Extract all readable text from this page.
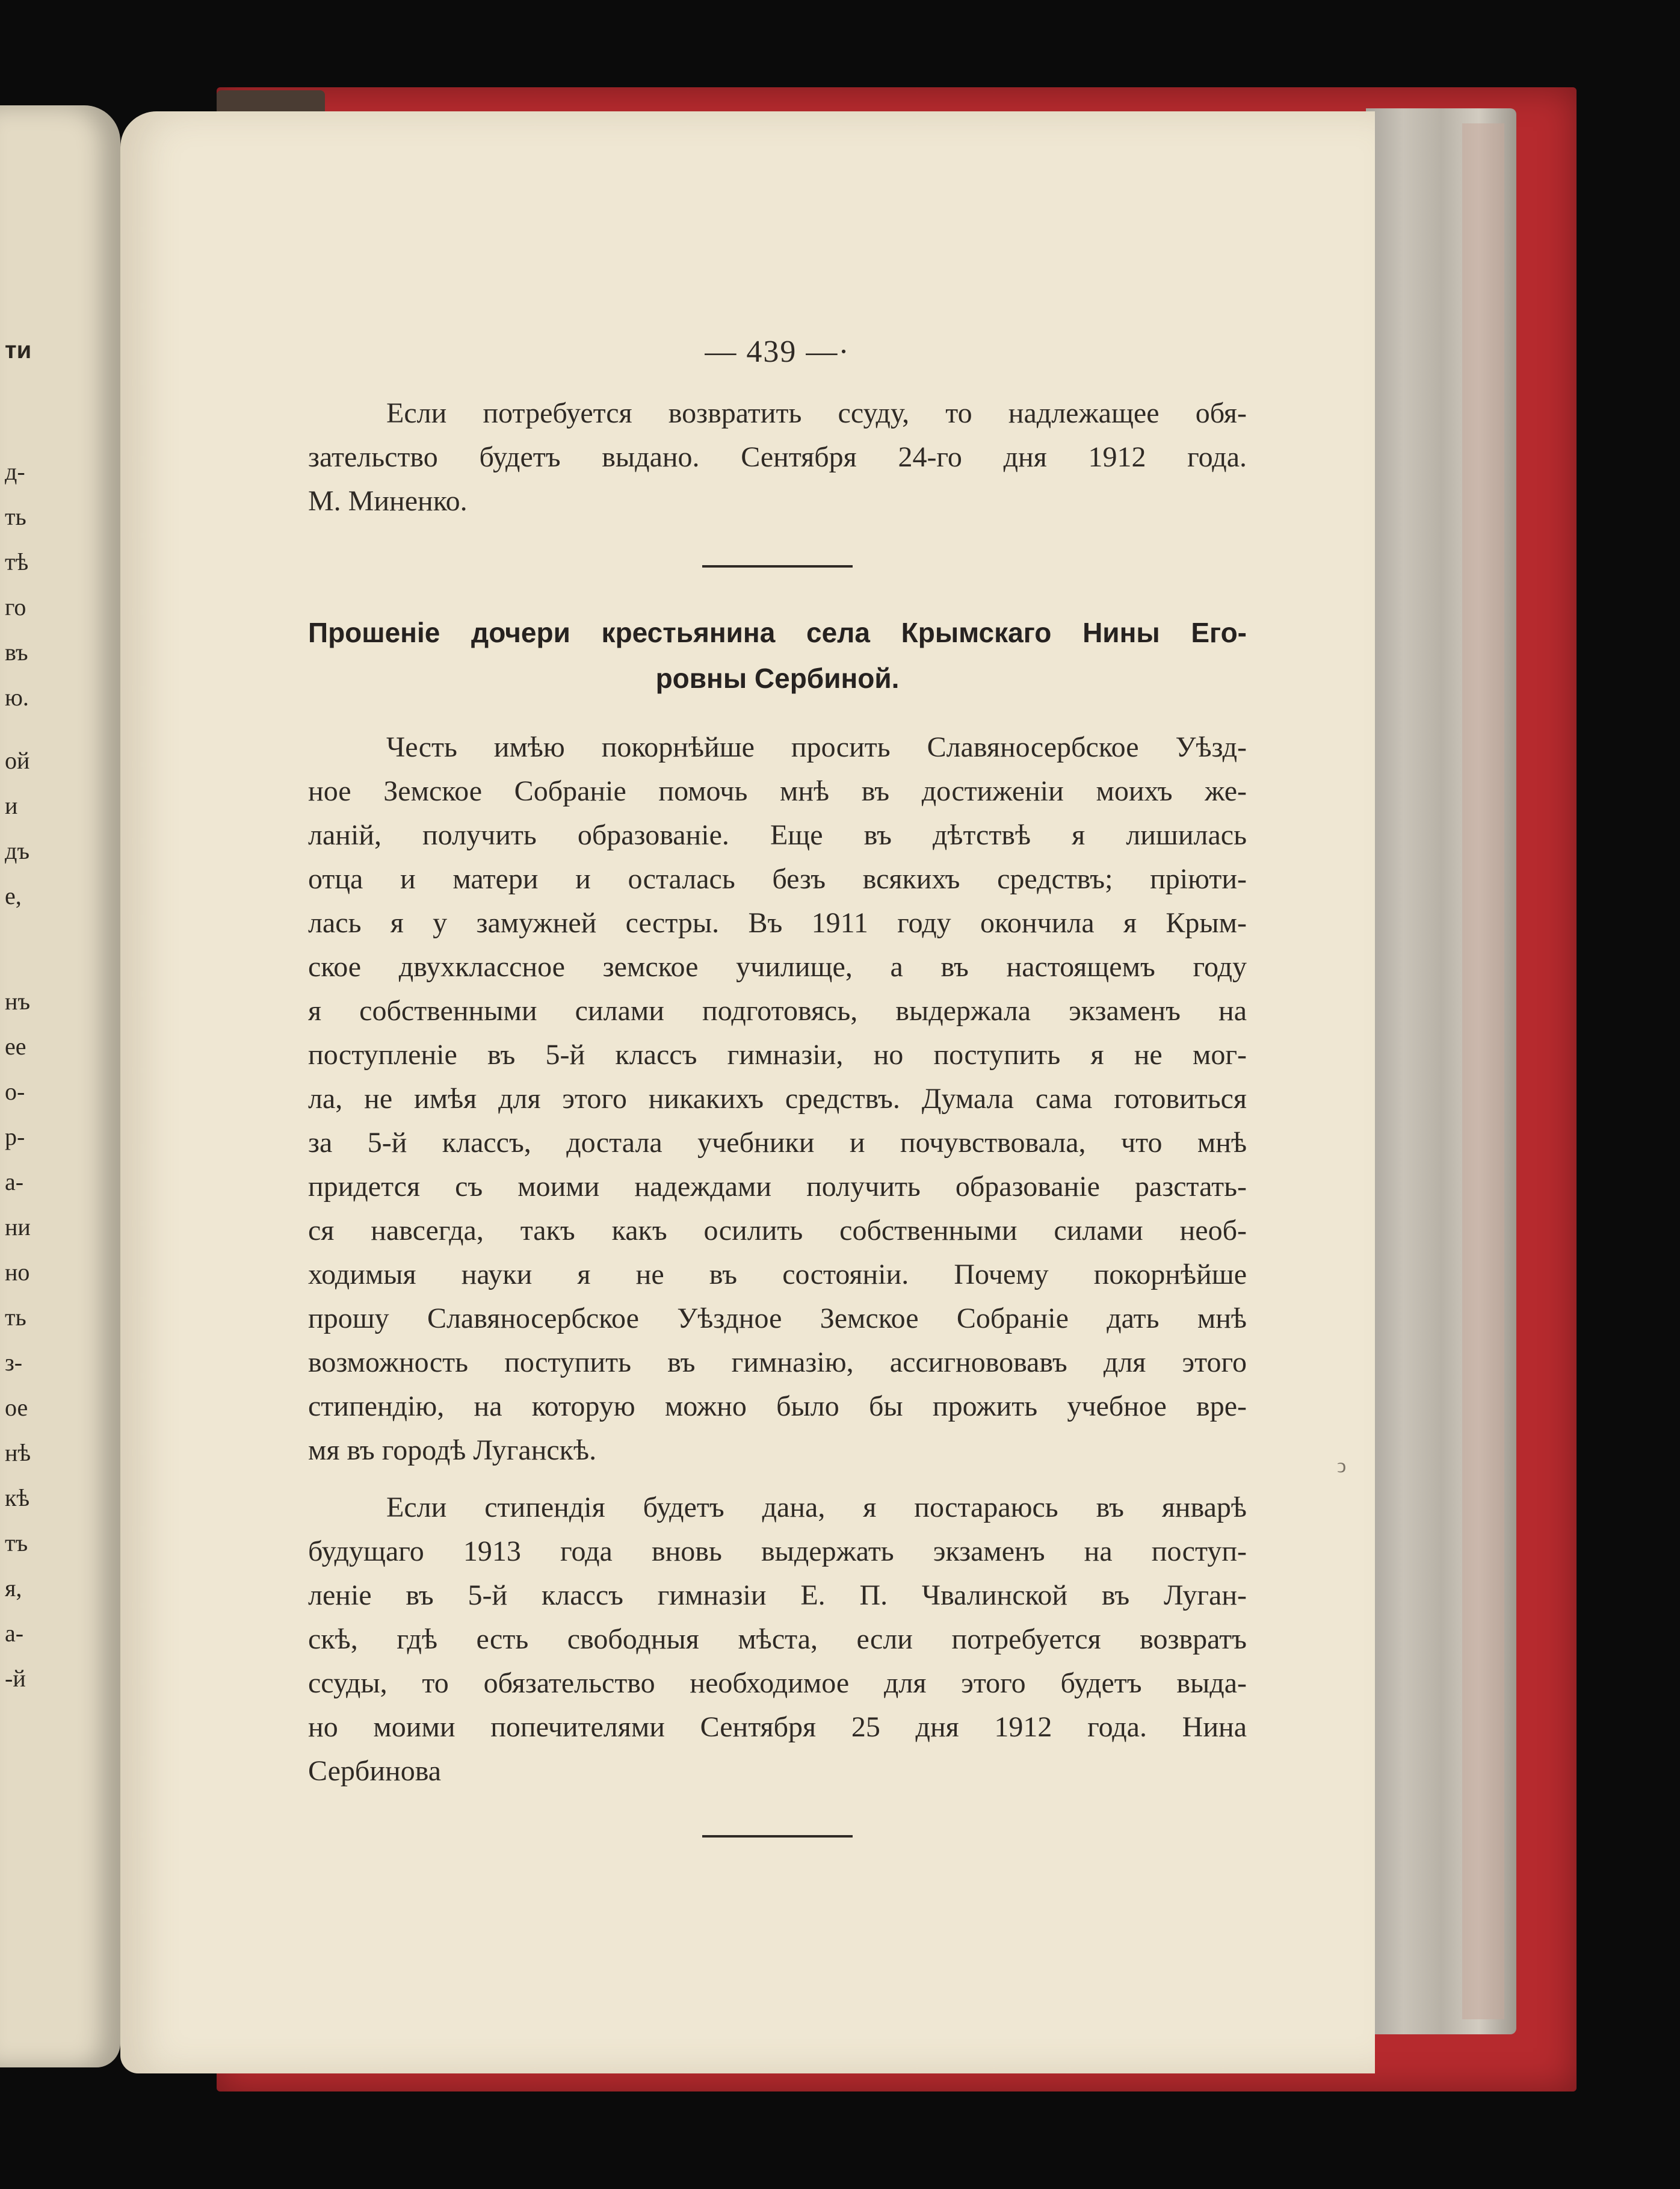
ти
д-
ть
тѣ
го
въ
ю.
ой
и
дъ
е,
нъ
ее
о-
р-
а-
ни
но
ть
з-
ое
нѣ
кѣ
тъ
я,
а-
-й
— 439 —·
Если потребуется возвратить ссуду, то надлежащее обя-
зательство будетъ выдано. Сентября 24-го дня 1912 года.
М. Миненко.
Прошеніе дочери крестьянина села Крымскаго Нины Его-
ровны Сербиной.
Честь имѣю покорнѣйше просить Славяносербское Уѣзд-
ное Земское Собраніе помочь мнѣ въ достиженіи моихъ же-
ланій, получить образованіе. Еще въ дѣтствѣ я лишилась
отца и матери и осталась безъ всякихъ средствъ; пріюти-
лась я у замужней сестры. Въ 1911 году окончила я Крым-
ское двухклассное земское училище, а въ настоящемъ году
я собственными силами подготовясь, выдержала экзаменъ на
поступленіе въ 5-й классъ гимназіи, но поступить я не мог-
ла, не имѣя для этого никакихъ средствъ. Думала сама готовиться
за 5-й классъ, достала учебники и почувствовала, что мнѣ
придется съ моими надеждами получить образованіе разстать-
ся навсегда, такъ какъ осилить собственными силами необ-
ходимыя науки я не въ состояніи. Почему покорнѣйше
прошу Славяносербское Уѣздное Земское Собраніе дать мнѣ
возможность поступить въ гимназію, ассигнововавъ для этого
стипендію, на которую можно было бы прожить учебное вре-
мя въ городѣ Луганскѣ.
Если стипендія будетъ дана, я постараюсь въ январѣ
будущаго 1913 года вновь выдержать экзаменъ на поступ-
леніе въ 5-й классъ гимназіи Е. П. Чвалинской въ Луган-
скѣ, гдѣ есть свободныя мѣста, если потребуется возвратъ
ссуды, то обязательство необходимое для этого будетъ выда-
но моими попечителями Сентября 25 дня 1912 года. Нина
Сербинова
ͻ
